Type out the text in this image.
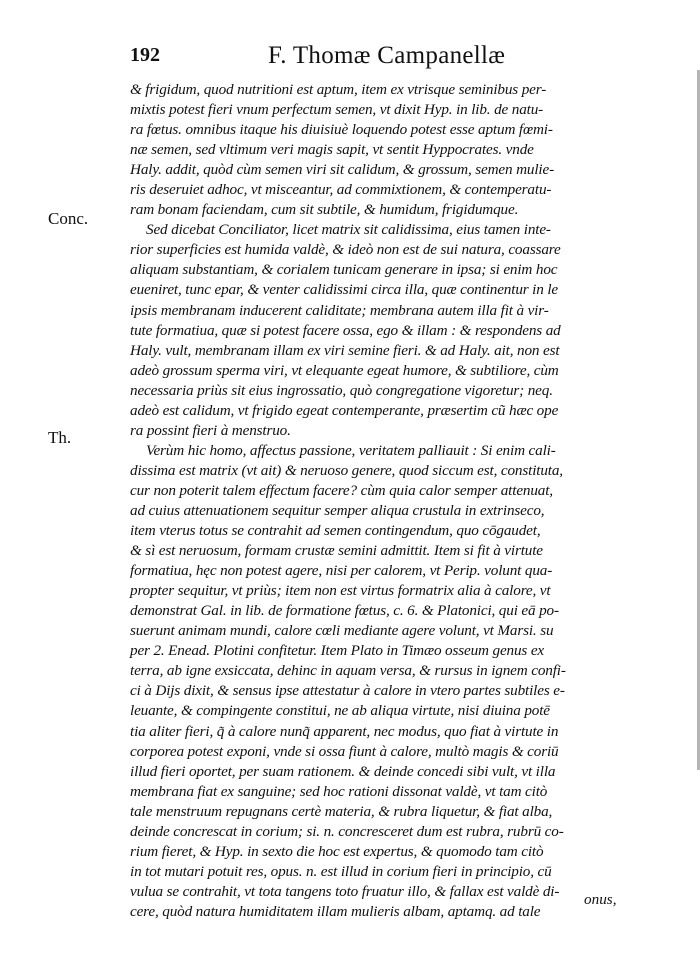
192	F. Thomæ Campanellæ
Conc.
Th.
& frigidum, quod nutritioni est aptum, item ex vtrisque seminibus per-
mixtis potest fieri vnum perfectum semen, vt dixit Hyp. in lib. de natu-
ra fœtus. omnibus itaque his diuisiuè loquendo potest esse aptum fœmi-
næ semen, sed vltimum veri magis sapit, vt sentit Hyppocrates. vnde
Haly. addit, quòd cùm semen viri sit calidum, & grossum, semen mulie-
ris deseruiet adhoc, vt misceantur, ad commixtionem, & contemperatu-
ram bonam faciendam, cum sit subtile, & humidum, frigidumque.
Sed dicebat Conciliator, licet matrix sit calidissima, eius tamen inte-
rior superficies est humida valdè, & ideò non est de sui natura, coassare
aliquam substantiam, & corialem tunicam generare in ipsa; si enim hoc
eueniret, tunc epar, & venter calidissimi circa illa, quæ continentur in le
ipsis membranam inducerent caliditate; membrana autem illa fit à vir-
tute formatiua, quæ si potest facere ossa, ego & illam : & respondens ad
Haly. vult, membranam illam ex viri semine fieri. & ad Haly. ait, non est
adeò grossum sperma viri, vt elequante egeat humore, & subtiliore, cùm
necessaria priùs sit eius ingrossatio, quò congregatione vigoretur; neq.
adeò est calidum, vt frigido egeat contemperante, præsertim cũ hæc ope
ra possint fieri à menstruo.
Verùm hic homo, affectus passione, veritatem palliauit : Si enim cali-
dissima est matrix (vt ait) & neruoso genere, quod siccum est, constituta,
cur non poterit talem effectum facere? cùm quia calor semper attenuat,
ad cuius attenuationem sequitur semper aliqua crustula in extrinseco,
item vterus totus se contrahit ad semen contingendum, quo cōgaudet,
& sì est neruosum, formam crustæ semini admittit. Item si fit à virtute
formatiua, hęc non potest agere, nisi per calorem, vt Perip. volunt qua-
propter sequitur, vt priùs; item non est virtus formatrix alia à calore, vt
demonstrat Gal. in lib. de formatione fœtus, c. 6. & Platonici, qui eā po-
suerunt animam mundi, calore cœli mediante agere volunt, vt Marsi. su
per 2. Enead. Plotini confitetur. Item Plato in Timæo osseum genus ex
terra, ab igne exsiccata, dehinc in aquam versa, & rursus in ignem confi-
ci à Dijs dixit, & sensus ipse attestatur à calore in vtero partes subtiles e-
leuante, & compingente constitui, ne ab aliqua virtute, nisi diuina potē
tia aliter fieri, q̃ à calore nunq̃ apparent, nec modus, quo fiat à virtute in
corporea potest exponi, vnde si ossa fiunt à calore, multò magis & coriū
illud fieri oportet, per suam rationem. & deinde concedi sibi vult, vt illa
membrana fiat ex sanguine; sed hoc rationi dissonat valdè, vt tam citò
tale menstruum repugnans certè materia, & rubra liquetur, & fiat alba,
deinde concrescat in corium; si. n. concresceret dum est rubra, rubrū co-
rium fieret, & Hyp. in sexto die hoc est expertus, & quomodo tam citò
in tot mutari potuit res, opus. n. est illud in corium fieri in principio, cū
vulua se contrahit, vt tota tangens toto fruatur illo, & fallax est valdè di-
cere, quòd natura humiditatem illam mulieris albam, aptamq. ad tale
onus,
